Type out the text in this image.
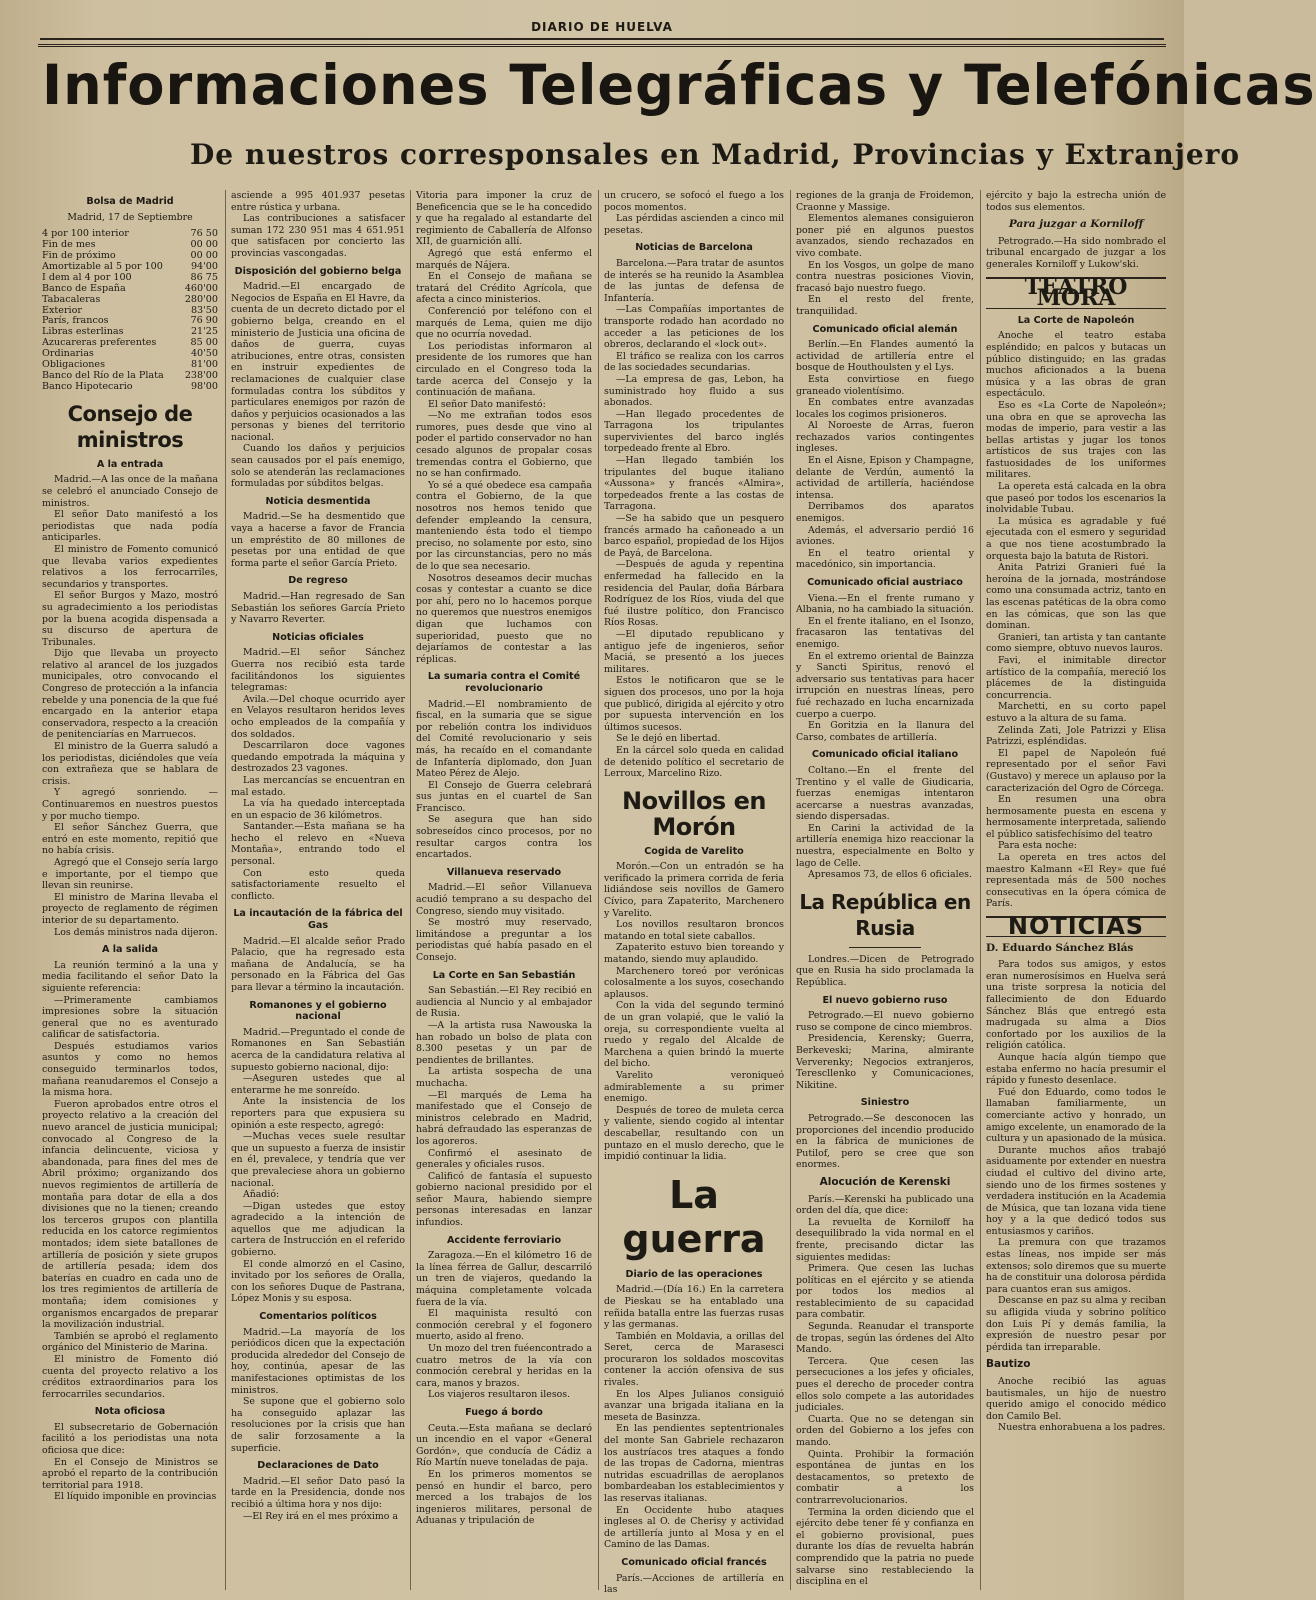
DIARIO DE HUELVA
Informaciones Telegráficas y Telefónicas
De nuestros corresponsales en Madrid, Provincias y Extranjero
Bolsa de Madrid

Madrid, 17 de Septiembre

4 por 100 interior	76 50
Fin de mes	00 00
Fin de próximo	00 00
Amortizable al 5 por 100	94'00
I dem al 4 por 100	86 75
Banco de España	460'00
Tabacaleras	280'00
Exterior	83'50
París, francos	76 90
Libras esterlinas	21'25
Azucareras preferentes	85 00
Ordinarias	40'50
Obligaciones	81'00
Banco del Río de la Plata 238'00
Banco Hipotecario	98'00
Consejo de ministros
A la entrada

Madrid.—A las once de la mañana se celebró el anunciado Consejo de ministros.

El señor Dato manifestó a los periodistas que nada podía anticiparles.

El ministro de Fomento comunicó que llevaba varios expedientes relativos a los ferrocarriles, secundarios y transportes.

El señor Burgos y Mazo, mostró su agradecimiento a los periodistas por la buena acogida dispensada a su discurso de apertura de Tribunales.

Dijo que llevaba un proyecto relativo al arancel de los juzgados municipales, otro convocando el Congreso de protección a la infancia rebelde y una ponencia de la que fué encargado en la anterior etapa conservadora, respecto a la creación de penitenciarías en Marruecos.

El ministro de la Guerra saludó a los periodistas, diciéndoles que veía con extrañeza que se hablara de crisis.

Y agregó sonriendo. — Continuaremos en nuestros puestos y por mucho tiempo.

El señor Sánchez Guerra, que entró en este momento, repitió que no había crisis.

Agregó que el Consejo sería largo e importante, por el tiempo que llevan sin reunirse.

El ministro de Marina llevaba el proyecto de reglamento de régimen interior de su departamento.

Los demás ministros nada dijeron.

A la salida

La reunión terminó a la una y media facilitando el señor Dato la siguiente referencia:

—Primeramente cambiamos impresiones sobre la situación general que no es aventurado calificar de satisfactoria.

Después estudiamos varios asuntos y como no hemos conseguido terminarlos todos, mañana reanudaremos el Consejo a la misma hora.

Fueron aprobados entre otros el proyecto relativo a la creación del nuevo arancel de justicia municipal; convocado al Congreso de la infancia delincuente, viciosa y abandonada, para fines del mes de Abril próximo; organizando dos nuevos regimientos de artillería de montaña para dotar de ella a dos divisiones que no la tienen; creando los terceros grupos con plantilla reducida en los catorce regimientos montados; idem siete batallones de artillería de posición y siete grupos de artillería pesada; idem dos baterías en cuadro en cada uno de los tres regimientos de artillería de montaña; idem comisiones y organismos encargados de preparar la movilización industrial.

También se aprobó el reglamento orgánico del Ministerio de Marina.

El ministro de Fomento dió cuenta del proyecto relativo a los créditos extraordinarios para los ferrocarriles secundarios.

Nota oficiosa

El subsecretario de Gobernación facilitó a los periodistas una nota oficiosa que dice:

En el Consejo de Ministros se aprobó el reparto de la contribución territorial para 1918.

El líquido imponible en provincias

asciende a 995 401.937 pesetas entre rústica y urbana.

Las contribuciones a satisfacer suman 172 230 951 mas 4 651.951 que satisfacen por concierto las provincias vascongadas.

Disposición del gobierno belga

Madrid.—El encargado de Negocios de España en El Havre, da cuenta de un decreto dictado por el gobierno belga, creando en el ministerio de Justicia una oficina de daños de guerra, cuyas atribuciones, entre otras, consisten en instruir expedientes de reclamaciones de cualquier clase formuladas contra los súbditos y particulares enemigos por razón de daños y perjuicios ocasionados a las personas y bienes del territorio nacional.

Cuando los daños y perjuicios sean causados por el país enemigo, solo se atenderán las reclamaciones formuladas por súbditos belgas.

Noticia desmentida

Madrid.—Se ha desmentido que vaya a hacerse a favor de Francia un empréstito de 80 millones de pesetas por una entidad de que forma parte el señor García Prieto.

De regreso

Madrid.—Han regresado de San Sebastián los señores García Prieto y Navarro Reverter.

Noticias oficiales

Madrid.—El señor Sánchez Guerra nos recibió esta tarde facilitándonos los siguientes telegramas:

Avila.—Del choque ocurrido ayer en Velayos resultaron heridos leves ocho empleados de la compañía y dos soldados.

Descarrilaron doce vagones quedando empotrada la máquina y destrozados 23 vagones.

Las mercancías se encuentran en mal estado.

La vía ha quedado interceptada en un espacio de 36 kilómetros.

Santander.—Esta mañana se ha hecho el relevo en «Nueva Montaña», entrando todo el personal.

Con esto queda satisfactoriamente resuelto el conflicto.

La incautación de la fábrica del Gas

Madrid.—El alcalde señor Prado Palacio, que ha regresado esta mañana de Andalucía, se ha personado en la Fábrica del Gas para llevar a término la incautación.

Romanones y el gobierno nacional

Madrid.—Preguntado el conde de Romanones en San Sebastián acerca de la candidatura relativa al supuesto gobierno nacional, dijo:

—Aseguren ustedes que al enterarme he me sonreído.

Ante la insistencia de los reporters para que expusiera su opinión a este respecto, agregó:

—Muchas veces suele resultar que un supuesto a fuerza de insistir en él, prevalece, y tendría que ver que prevaleciese ahora un gobierno nacional.

Añadió:

—Digan ustedes que estoy agradecido a la intención de aquellos que me adjudican la cartera de Instrucción en el referido gobierno.

El conde almorzó en el Casino, invitado por los señores de Oralla, con los señores Duque de Pastrana, López Monis y su esposa.

Comentarios políticos

Madrid.—La mayoría de los periódicos dicen que la expectación producida alrededor del Consejo de hoy, continúa, apesar de las manifestaciones optimistas de los ministros.

Se supone que el gobierno solo ha conseguido aplazar las resoluciones por la crisis que han de salir forzosamente a la superficie.

Declaraciones de Dato

Madrid.—El señor Dato pasó la tarde en la Presidencia, donde nos recibió a última hora y nos dijo:

—El Rey irá en el mes próximo a

Vitoria para imponer la cruz de Beneficencia que se le ha concedido y que ha regalado al estandarte del regimiento de Caballería de Alfonso XII, de guarnición allí.

Agregó que está enfermo el marqués de Nájera.

En el Consejo de mañana se tratará del Crédito Agrícola, que afecta a cinco ministerios.

Conferenció por teléfono con el marqués de Lema, quien me dijo que no ocurría novedad.

Los periodistas informaron al presidente de los rumores que han circulado en el Congreso toda la tarde acerca del Consejo y la continuación de mañana.

El señor Dato manifestó:

—No me extrañan todos esos rumores, pues desde que vino al poder el partido conservador no han cesado algunos de propalar cosas tremendas contra el Gobierno, que no se han confirmado.

Yo sé a qué obedece esa campaña contra el Gobierno, de la que nosotros nos hemos tenido que defender empleando la censura, manteniendo ésta todo el tiempo preciso, no solamente por esto, sino por las circunstancias, pero no más de lo que sea necesario.

Nosotros deseamos decir muchas cosas y contestar a cuanto se dice por ahí, pero no lo hacemos porque no queremos que nuestros enemigos digan que luchamos con superioridad, puesto que no dejaríamos de contestar a las réplicas.

La sumaria contra el Comité revolucionario

Madrid.—El nombramiento de fiscal, en la sumaria que se sigue por rebelión contra los individuos del Comité revolucionario y seis más, ha recaído en el comandante de Infantería diplomado, don Juan Mateo Pérez de Alejo.

El Consejo de Guerra celebrará sus juntas en el cuartel de San Francisco.

Se asegura que han sido sobreseídos cinco procesos, por no resultar cargos contra los encartados.

Villanueva reservado

Madrid.—El señor Villanueva acudió temprano a su despacho del Congreso, siendo muy visitado.

Se mostró muy reservado, limitándose a preguntar a los periodistas qué había pasado en el Consejo.

La Corte en San Sebastián

San Sebastián.—El Rey recibió en audiencia al Nuncio y al embajador de Rusia.

—A la artista rusa Nawouska la han robado un bolso de plata con 8.300 pesetas y un par de pendientes de brillantes.

La artista sospecha de una muchacha.

—El marqués de Lema ha manifestado que el Consejo de ministros celebrado en Madrid, habrá defraudado las esperanzas de los agoreros.

Confirmó el asesinato de generales y oficiales rusos.

Calificó de fantasía el supuesto gobierno nacional presidido por el señor Maura, habiendo siempre personas interesadas en lanzar infundios.

Accidente ferroviario

Zaragoza.—En el kilómetro 16 de la línea férrea de Gallur, descarriló un tren de viajeros, quedando la máquina completamente volcada fuera de la vía.

El maquinista resultó con conmoción cerebral y el fogonero muerto, asido al freno.

Un mozo del tren fuéencontrado a cuatro metros de la vía con conmoción cerebral y heridas en la cara, manos y brazos.

Los viajeros resultaron ilesos.

Fuego á bordo

Ceuta.—Esta mañana se declaró un incendio en el vapor «General Gordón», que conducía de Cádiz a Río Martín nueve toneladas de paja.

En los primeros momentos se pensó en hundir el barco, pero merced a los trabajos de los ingenieros militares, personal de Aduanas y tripulación de

un crucero, se sofocó el fuego a los pocos momentos.

Las pérdidas ascienden a cinco mil pesetas.

Noticias de Barcelona

Barcelona.—Para tratar de asuntos de interés se ha reunido la Asamblea de las juntas de defensa de Infantería.

—Las Compañías importantes de transporte rodado han acordado no acceder a las peticiones de los obreros, declarando el «lock out».

El tráfico se realiza con los carros de las sociedades secundarias.

—La empresa de gas, Lebon, ha suministrado hoy fluido a sus abonados.

—Han llegado procedentes de Tarragona los tripulantes supervivientes del barco inglés torpedeado frente al Ebro.

—Han llegado también los tripulantes del buque italiano «Aussona» y francés «Almira», torpedeados frente a las costas de Tarragona.

—Se ha sabido que un pesquero francés armado ha cañoneado a un barco español, propiedad de los Hijos de Payá, de Barcelona.

—Después de aguda y repentina enfermedad ha fallecido en la residencia del Paular, doña Bárbara Rodríguez de los Ríos, viuda del que fué ilustre político, don Francisco Ríos Rosas.

—El diputado republicano y antiguo jefe de ingenieros, señor Maciá, se presentó a los jueces militares.

Estos le notificaron que se le siguen dos procesos, uno por la hoja que publicó, dirigida al ejército y otro por supuesta intervención en los últimos sucesos.

Se le dejó en libertad.

En la cárcel solo queda en calidad de detenido político el secretario de Lerroux, Marcelino Rizo.

Novillos en Morón
Cogida de Varelito

Morón.—Con un entradón se ha verificado la primera corrida de feria lidiándose seis novillos de Gamero Cívico, para Zapaterito, Marchenero y Varelito.

Los novillos resultaron broncos matando en total siete caballos.

Zapaterito estuvo bien toreando y matando, siendo muy aplaudido.

Marchenero toreó por verónicas colosalmente a los suyos, cosechando aplausos.

Con la vida del segundo terminó de un gran volapié, que le valió la oreja, su correspondiente vuelta al ruedo y regalo del Alcalde de Marchena a quien brindó la muerte del bicho.

Varelito veroniqueó admirablemente a su primer enemigo.

Después de toreo de muleta cerca y valiente, siendo cogido al intentar descabellar, resultando con un puntazo en el muslo derecho, que le impidió continuar la lidia.

La guerra
Diario de las operaciones

Madrid.—(Día 16.) En la carretera de Pieskau se ha entablado una reñida batalla entre las fuerzas rusas y las germanas.

También en Moldavia, a orillas del Seret, cerca de Marasesci procuraron los soldados moscovitas contener la acción ofensiva de sus rivales.

En los Alpes Julianos consiguió avanzar una brigada italiana en la meseta de Basinzza.

En las pendientes septentrionales del monte San Gabriele rechazaron los austríacos tres ataques a fondo de las tropas de Cadorna, mientras nutridas escuadrillas de aeroplanos bombardeaban los establecimientos y las reservas italianas.

En Occidente hubo ataques ingleses al O. de Cherisy y actividad de artillería junto al Mosa y en el Camino de las Damas.

Comunicado oficial francés

París.—Acciones de artillería en las

regiones de la granja de Froidemon, Craonne y Massige.

Elementos alemanes consiguieron poner pié en algunos puestos avanzados, siendo rechazados en vivo combate.

En los Vosgos, un golpe de mano contra nuestras posiciones Viovin, fracasó bajo nuestro fuego.

En el resto del frente, tranquilidad.

Comunicado oficial alemán

Berlín.—En Flandes aumentó la actividad de artillería entre el bosque de Houthoulsten y el Lys.

Esta convirtiose en fuego graneado violentísimo.

En combates entre avanzadas locales los cogimos prisioneros.

Al Noroeste de Arras, fueron rechazados varios contingentes ingleses.

En el Aisne, Epison y Champagne, delante de Verdún, aumentó la actividad de artillería, haciéndose intensa.

Derribamos dos aparatos enemigos.

Además, el adversario perdió 16 aviones.

En el teatro oriental y macedónico, sin importancia.

Comunicado oficial austriaco

Viena.—En el frente rumano y Albania, no ha cambiado la situación.

En el frente italiano, en el Isonzo, fracasaron las tentativas del enemigo.

En el extremo oriental de Bainzza y Sancti Spiritus, renovó el adversario sus tentativas para hacer irrupción en nuestras líneas, pero fué rechazado en lucha encarnizada cuerpo a cuerpo.

En Goritzia en la llanura del Carso, combates de artillería.

Comunicado oficial italiano

Coltano.—En el frente del Trentino y el valle de Giudicaria, fuerzas enemigas intentaron acercarse a nuestras avanzadas, siendo dispersadas.

En Carini la actividad de la artillería enemiga hizo reaccionar la nuestra, especialmente en Bolto y lago de Celle.

Apresamos 73, de ellos 6 oficiales.

La República en Rusia

Londres.—Dicen de Petrogrado que en Rusia ha sido proclamada la República.

El nuevo gobierno ruso

Petrogrado.—El nuevo gobierno ruso se compone de cinco miembros.

Presidencia, Kerensky; Guerra, Berkeveski; Marina, almirante Ververenky; Negocios extranjeros, Terescllenko y Comunicaciones, Nikitine.

Siniestro

Petrogrado.—Se desconocen las proporciones del incendio producido en la fábrica de municiones de Putilof, pero se cree que son enormes.

Alocución de Kerenski

París.—Kerenski ha publicado una orden del día, que dice:

La revuelta de Korniloff ha desequilibrado la vida normal en el frente, precisando dictar las siguientes medidas:

Primera. Que cesen las luchas políticas en el ejército y se atienda por todos los medios al restablecimiento de su capacidad para combatir.

Segunda. Reanudar el transporte de tropas, según las órdenes del Alto Mando.

Tercera. Que cesen las persecuciones a los jefes y oficiales, pues el derecho de proceder contra ellos solo compete a las autoridades judiciales.

Cuarta. Que no se detengan sin orden del Gobierno a los jefes con mando.

Quinta. Prohibir la formación espontánea de juntas en los destacamentos, so pretexto de combatir a los contrarrevolucionarios.

Termina la orden diciendo que el ejército debe tener fé y confianza en el gobierno provisional, pues durante los días de revuelta habrán comprendido que la patria no puede salvarse sino restableciendo la disciplina en el

ejército y bajo la estrecha unión de todos sus elementos.

Para juzgar a Korniloff

Petrogrado.—Ha sido nombrado el tribunal encargado de juzgar a los generales Korniloff y Lukow'ski.

TEATRO MORA
La Corte de Napoleón

Anoche el teatro estaba espléndido; en palcos y butacas un público distinguido; en las gradas muchos aficionados a la buena música y a las obras de gran espectáculo.

Eso es «La Corte de Napoleón»; una obra en que se aprovecha las modas de imperio, para vestir a las bellas artistas y jugar los tonos artísticos de sus trajes con las fastuosidades de los uniformes militares.

La opereta está calcada en la obra que paseó por todos los escenarios la inolvidable Tubau.

La música es agradable y fué ejecutada con el esmero y seguridad a que nos tiene acostumbrado la orquesta bajo la batuta de Ristori.

Anita Patrizi Granieri fué la heroína de la jornada, mostrándose como una consumada actriz, tanto en las escenas patéticas de la obra como en las cómicas, que son las que dominan.

Granieri, tan artista y tan cantante como siempre, obtuvo nuevos lauros.

Favi, el inimitable director artístico de la compañía, mereció los plácemes de la distinguida concurrencia.

Marchetti, en su corto papel estuvo a la altura de su fama.

Zelinda Zati, Jole Patrizzi y Elisa Patrizzi, espléndidas.

El papel de Napoleón fué representado por el señor Favi (Gustavo) y merece un aplauso por la caracterización del Ogro de Córcega.

En resumen una obra hermosamente puesta en escena y hermosamente interpretada, saliendo el público satisfechísimo del teatro

Para esta noche:

La opereta en tres actos del maestro Kalmann «El Rey» que fué representada más de 500 noches consecutivas en la ópera cómica de París.

NOTICIAS
D. Eduardo Sánchez Blás

Para todos sus amigos, y estos eran numerosísimos en Huelva será una triste sorpresa la noticia del fallecimiento de don Eduardo Sánchez Blás que entregó esta madrugada su alma a Dios confortado por los auxilios de la religión católica.

Aunque hacía algún tiempo que estaba enfermo no hacía presumir el rápido y funesto desenlace.

Fué don Eduardo, como todos le llamaban familiarmente, un comerciante activo y honrado, un amigo excelente, un enamorado de la cultura y un apasionado de la música.

Durante muchos años trabajó asiduamente por extender en nuestra ciudad el cultivo del divino arte, siendo uno de los firmes sostenes y verdadera institución en la Academia de Música, que tan lozana vida tiene hoy y a la que dedicó todos sus entusiasmos y cariños.

La premura con que trazamos estas líneas, nos impide ser más extensos; solo diremos que su muerte ha de constituir una dolorosa pérdida para cuantos eran sus amigos.

Descanse en paz su alma y reciban su afligida viuda y sobrino político don Luis Pí y demás familia, la expresión de nuestro pesar por pérdida tan irreparable.

Bautizo

Anoche recibió las aguas bautismales, un hijo de nuestro querido amigo el conocido médico don Camilo Bel.

Nuestra enhorabuena a los padres.
